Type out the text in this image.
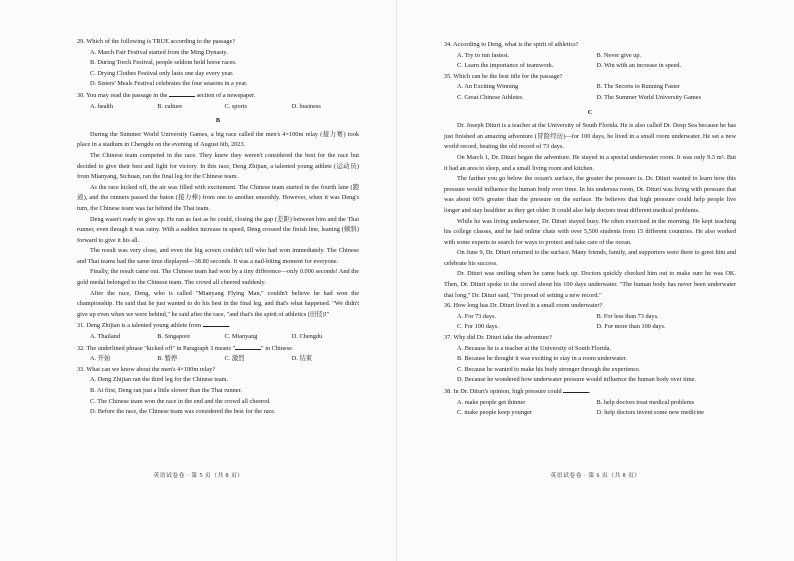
29. Which of the following is TRUE according to the passage?
A. March Fair Festival started from the Ming Dynasty.
B. During Torch Festival, people seldom hold horse races.
C. Drying Clothes Festival only lasts one day every year.
D. Sisters' Meals Festival celebrates the four seasons in a year.
30. You may read the passage in the	section of a newspaper.
A. health	B. culture	C. sports	D. business
B
During the Summer World University Games, a big race called the men's 4×100m relay (接力赛) took place in a stadium in Chengdu on the evening of August 6th, 2023.
The Chinese team competed in the race. They knew they weren't considered the best for the race but decided to give their best and fight for victory. In this race, Deng Zhijian, a talented young athlete (运动员) from Mianyang, Sichuan, ran the final leg for the Chinese team.
As the race kicked off, the air was filled with excitement. The Chinese team started in the fourth lane (跑道), and the runners passed the baton (接力棒) from one to another smoothly. However, when it was Deng's turn, the Chinese team was far behind the Thai team.
Deng wasn't ready to give up. He ran as fast as he could, closing the gap (差距) between him and the Thai runner, even though it was rainy. With a sudden increase in speed, Deng crossed the finish line, leaning (倾斜) forward to give it his all.
The result was very close, and even the big screen couldn't tell who had won immediately. The Chinese and Thai teams had the same time displayed—38.80 seconds. It was a nail-biting moment for everyone.
Finally, the result came out. The Chinese team had won by a tiny difference—only 0.006 seconds! And the gold medal belonged to the Chinese team. The crowd all cheered suddenly.
After the race, Deng, who is called "Mianyang Flying Man," couldn't believe he had won the championship. He said that he just wanted to do his best in the final leg, and that's what happened. "We didn't give up even when we were behind," he said after the race, "and that's the spirit of athletics (田径)!"
31. Deng Zhijian is a talented young athlete from	.
A. Thailand	B. Singapore	C. Mianyang	D. Chengdu
32. The underlined phrase "kicked off" in Paragraph 3 means "	" in Chinese.
A. 开始	B. 暂停	C. 激烈	D. 结束
33. What can we know about the men's 4×100m relay?
A. Deng Zhijian ran the third leg for the Chinese team.
B. At first, Deng ran just a little slower than the Thai runner.
C. The Chinese team won the race in the end and the crowd all cheered.
D. Before the race, the Chinese team was considered the best for the race.
英语试卷卷 · 第 5 页（共 8 页）
34. According to Deng, what is the spirit of athletics?
A. Try to run fastest.	B. Never give up.
C. Learn the importance of teamwork.	D. Win with an increase in speed.
35. Which can be the best title for the passage?
A. An Exciting Winning	B. The Secrets to Running Faster
C. Great Chinese Athletes	D. The Summer World University Games
C
Dr. Joseph Dituri is a teacher at the University of South Florida. He is also called Dr. Deep Sea because he has just finished an amazing adventure (冒险经历)—for 100 days, he lived in a small room underwater. He set a new world record, beating the old record of 73 days.
On March 1, Dr. Dituri began the adventure. He stayed in a special underwater room. It was only 9.3 m². But it had an area to sleep, and a small living room and kitchen.
The farther you go below the ocean's surface, the greater the pressure is. Dr. Dituri wanted to learn how this pressure would influence the human body over time. In his undersea room, Dr. Dituri was living with pressure that was about 66% greater than the pressure on the surface. He believes that high pressure could help people live longer and stay healthier as they get older. It could also help doctors treat different medical problems.
While he was living underwater, Dr. Dituri stayed busy. He often exercised in the morning. He kept teaching his college classes, and he had online chats with over 5,500 students from 15 different countries. He also worked with some experts to search for ways to protect and take care of the ocean.
On June 9, Dr. Dituri returned to the surface. Many friends, family, and supporters were there to greet him and celebrate his success.
Dr. Dituri was smiling when he came back up. Doctors quickly checked him out to make sure he was OK. Then, Dr. Dituri spoke to the crowd about his 100 days underwater. "The human body has never been underwater that long," Dr. Dituri said, "I'm proud of setting a new record."
36. How long has Dr. Dituri lived in a small room underwater?
A. For 73 days.	B. For less than 73 days.
C. For 100 days.	D. For more than 100 days.
37. Why did Dr. Dituri take the adventure?
A. Because he is a teacher at the University of South Florida.
B. Because he thought it was exciting to stay in a room underwater.
C. Because he wanted to make his body stronger through the experience.
D. Because he wondered how underwater pressure would influence the human body over time.
38. In Dr. Dituri's opinion, high pressure could	.
A. make people get thinner	B. help doctors treat medical problems
C. make people keep younger	D. help doctors invent some new medicine
英语试卷卷 · 第 6 页（共 8 页）
